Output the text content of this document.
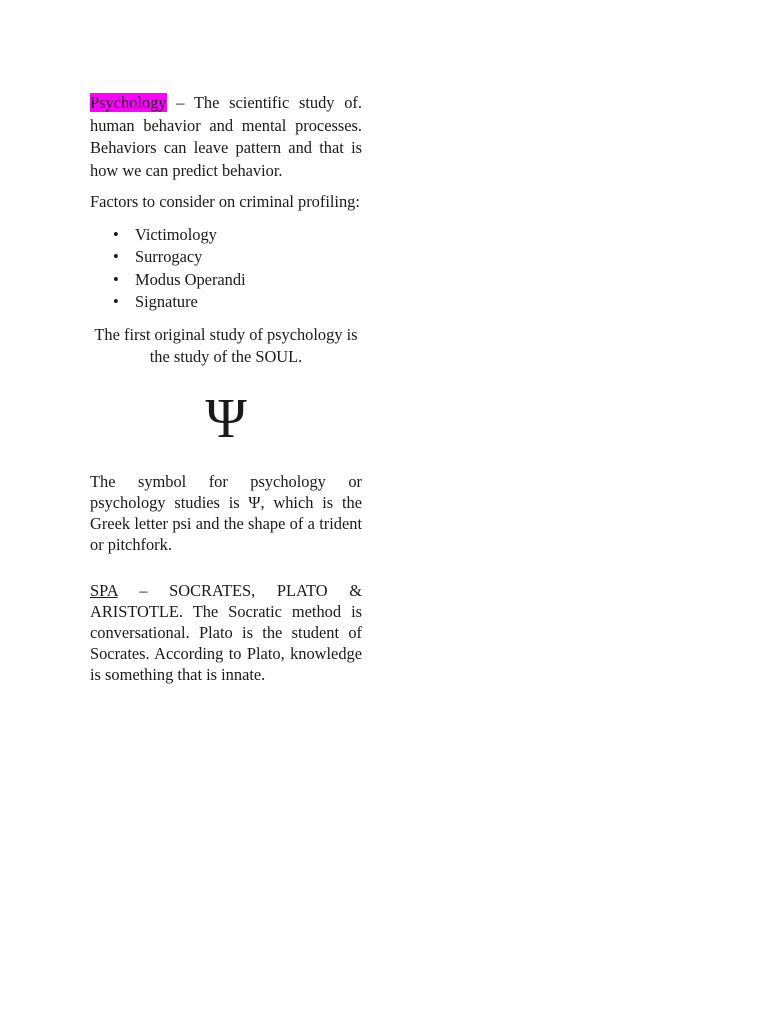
Psychology – The scientific study of. human behavior and mental processes. Behaviors can leave pattern and that is how we can predict behavior.

Factors to consider on criminal profiling:

• Victimology
• Surrogacy
• Modus Operandi
• Signature

The first original study of psychology is the study of the SOUL.

Ψ

The symbol for psychology or psychology studies is Ψ, which is the Greek letter psi and the shape of a trident or pitchfork.

SPA – SOCRATES, PLATO & ARISTOTLE. The Socratic method is conversational. Plato is the student of Socrates. According to Plato, knowledge is something that is innate.
